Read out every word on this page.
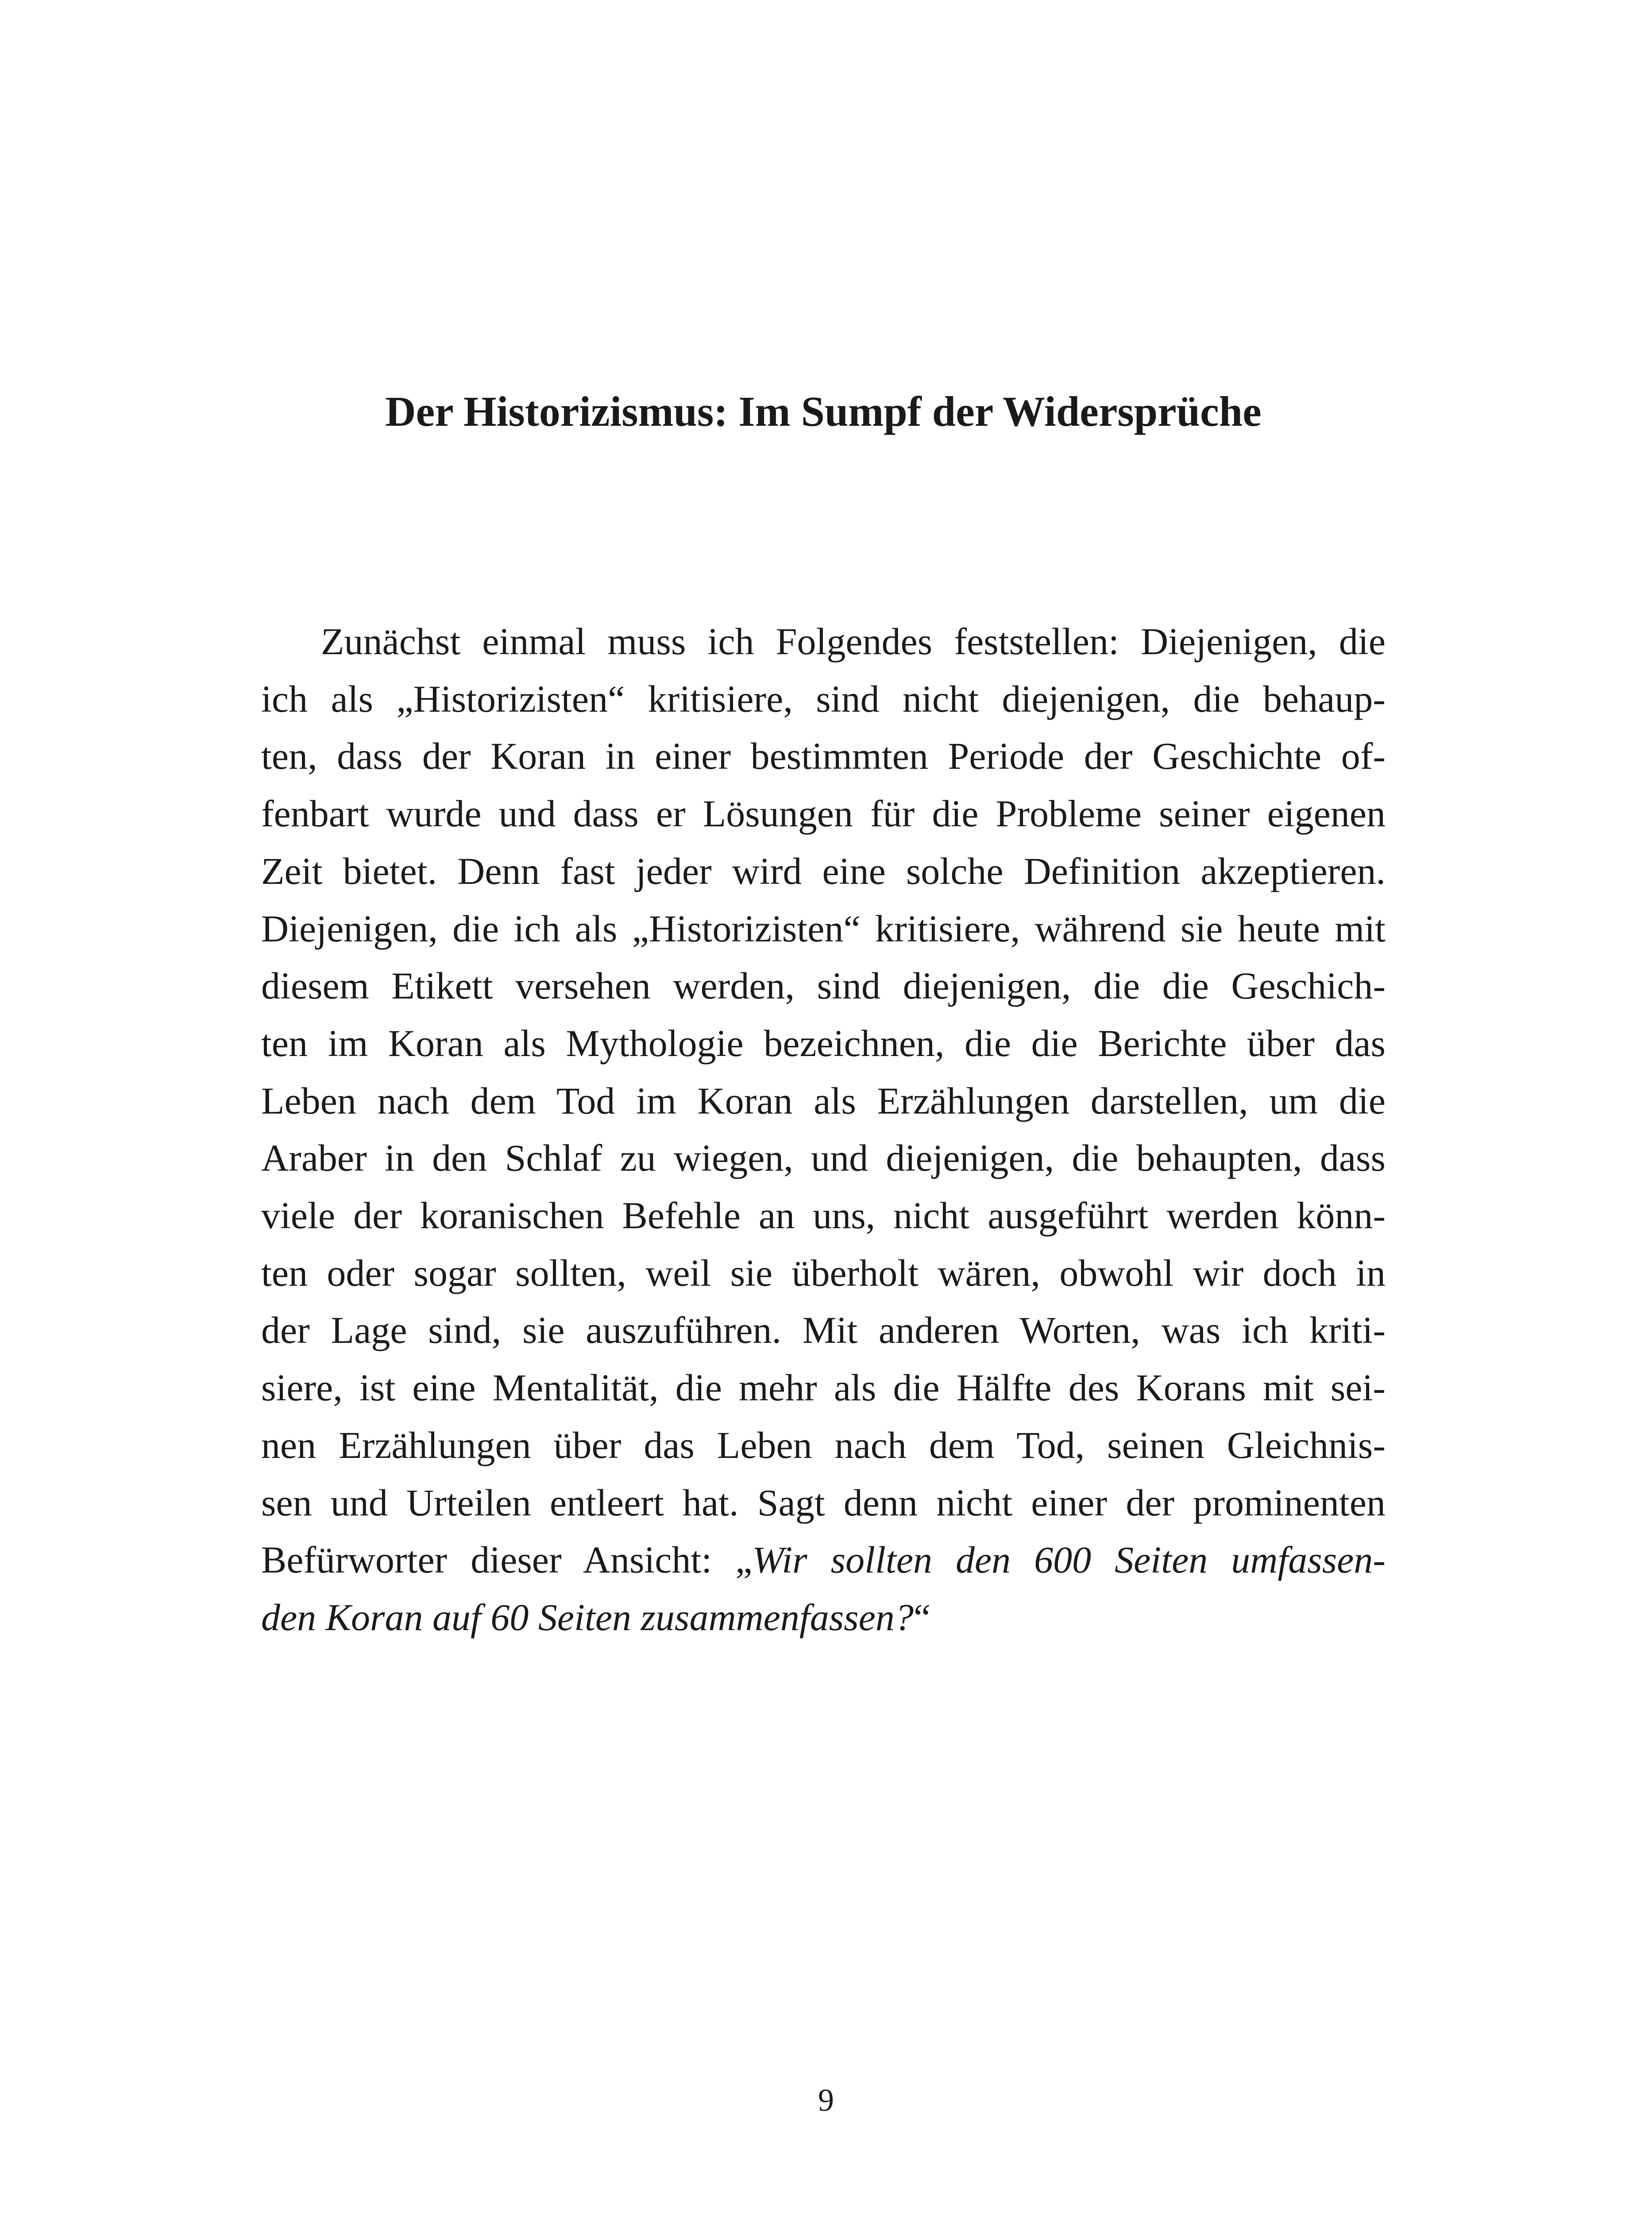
Der Historizismus: Im Sumpf der Widersprüche

Zunächst einmal muss ich Folgendes feststellen: Diejenigen, die
ich als „Historizisten“ kritisiere, sind nicht diejenigen, die behaup-
ten, dass der Koran in einer bestimmten Periode der Geschichte of-
fenbart wurde und dass er Lösungen für die Probleme seiner eigenen
Zeit bietet. Denn fast jeder wird eine solche Definition akzeptieren.
Diejenigen, die ich als „Historizisten“ kritisiere, während sie heute mit
diesem Etikett versehen werden, sind diejenigen, die die Geschich-
ten im Koran als Mythologie bezeichnen, die die Berichte über das
Leben nach dem Tod im Koran als Erzählungen darstellen, um die
Araber in den Schlaf zu wiegen, und diejenigen, die behaupten, dass
viele der koranischen Befehle an uns, nicht ausgeführt werden könn-
ten oder sogar sollten, weil sie überholt wären, obwohl wir doch in
der Lage sind, sie auszuführen. Mit anderen Worten, was ich kriti-
siere, ist eine Mentalität, die mehr als die Hälfte des Korans mit sei-
nen Erzählungen über das Leben nach dem Tod, seinen Gleichnis-
sen und Urteilen entleert hat. Sagt denn nicht einer der prominenten
Befürworter dieser Ansicht: „Wir sollten den 600 Seiten umfassen-
den Koran auf 60 Seiten zusammenfassen?“

9
